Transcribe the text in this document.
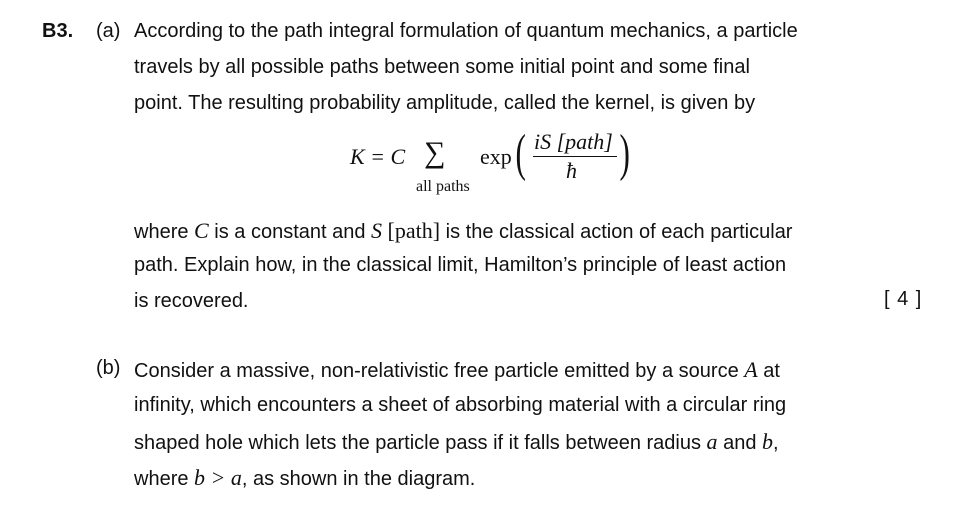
B3. (a) According to the path integral formulation of quantum mechanics, a particle
travels by all possible paths between some initial point and some final
point. The resulting probability amplitude, called the kernel, is given by
K = C ∑
all paths
exp ( iS [path]
ħ )
where C is a constant and S [path] is the classical action of each particular
path. Explain how, in the classical limit, Hamilton’s principle of least action
is recovered.	[ 4 ]
(b) Consider a massive, non-relativistic free particle emitted by a source A at
infinity, which encounters a sheet of absorbing material with a circular ring
shaped hole which lets the particle pass if it falls between radius a and b,
where b > a, as shown in the diagram.
